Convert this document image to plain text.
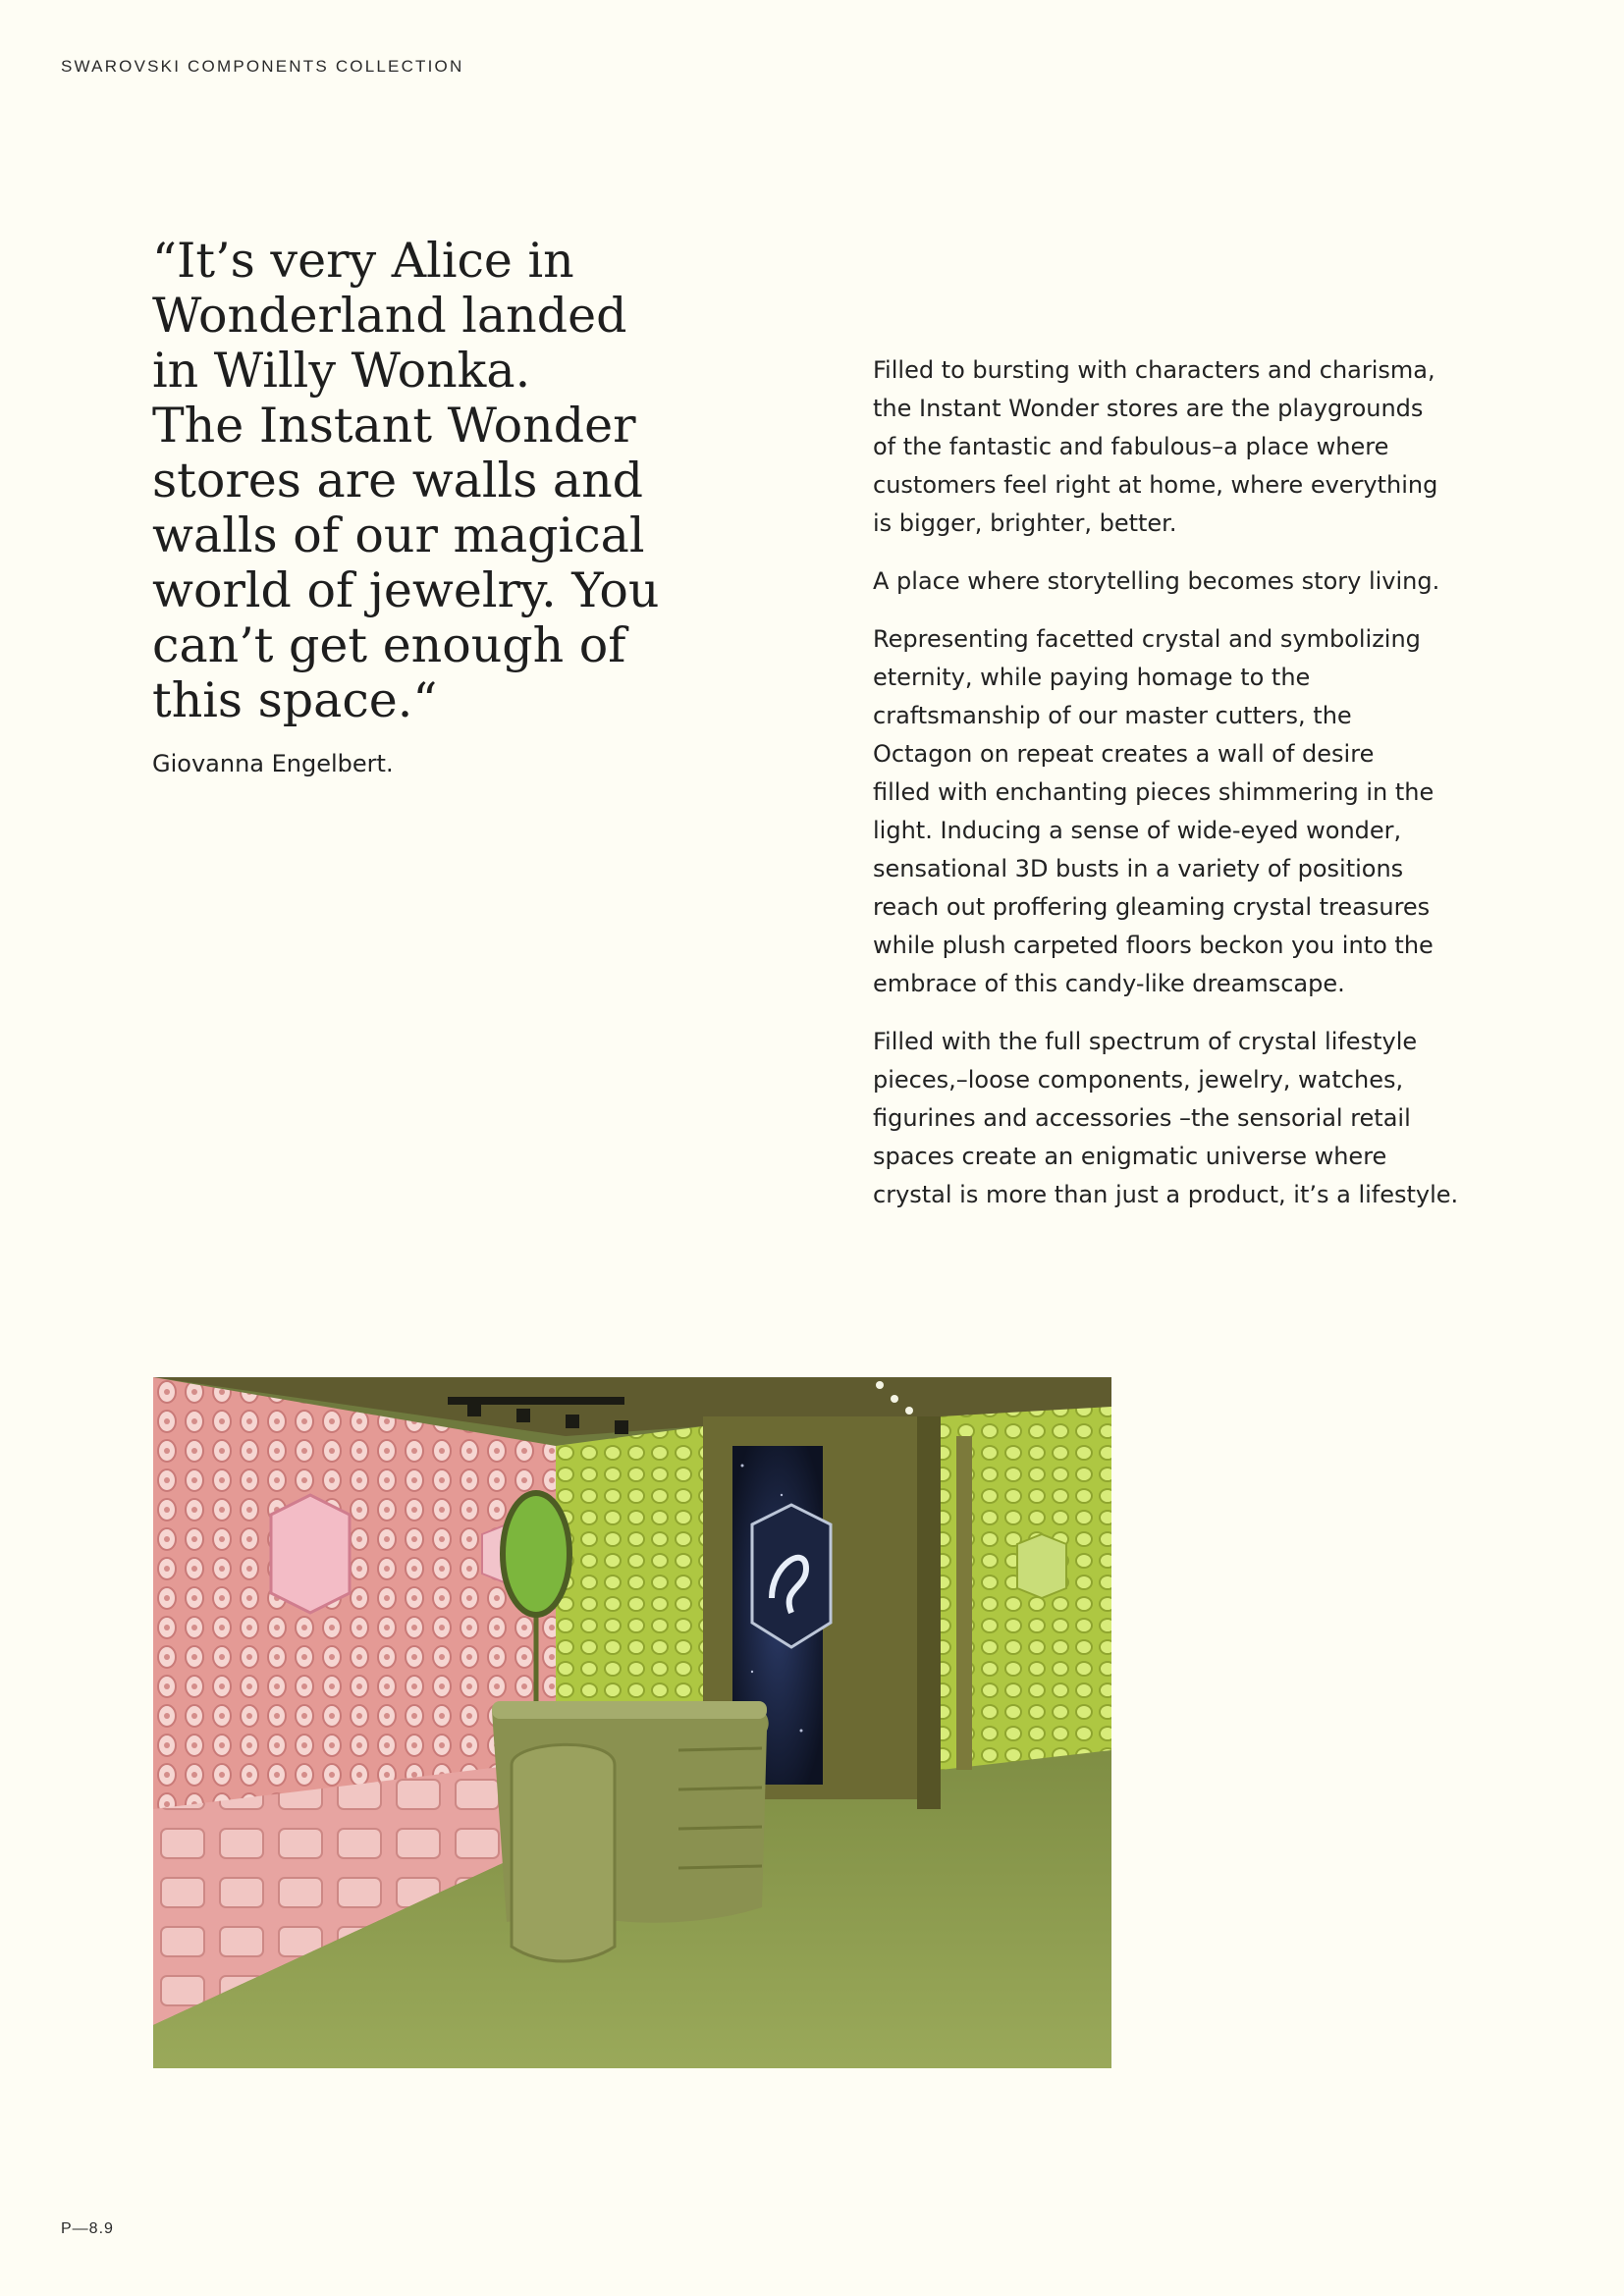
SWAROVSKI COMPONENTS COLLECTION
“It’s very Alice in
Wonderland landed
in Willy Wonka.
The Instant Wonder
stores are walls and
walls of our magical
world of jewelry. You
can’t get enough of
this space.“
Giovanna Engelbert.

Filled to bursting with characters and charisma,
the Instant Wonder stores are the playgrounds
of the fantastic and fabulous–a place where
customers feel right at home, where everything
is bigger, brighter, better.

A place where storytelling becomes story living.

Representing facetted crystal and symbolizing
eternity, while paying homage to the
craftsmanship of our master cutters, the
Octagon on repeat creates a wall of desire
filled with enchanting pieces shimmering in the
light. Inducing a sense of wide-eyed wonder,
sensational 3D busts in a variety of positions
reach out proffering gleaming crystal treasures
while plush carpeted floors beckon you into the
embrace of this candy-like dreamscape.

Filled with the full spectrum of crystal lifestyle
pieces,–loose components, jewelry, watches,
figurines and accessories –the sensorial retail
spaces create an enigmatic universe where
crystal is more than just a product, it’s a lifestyle.

P—8.9
